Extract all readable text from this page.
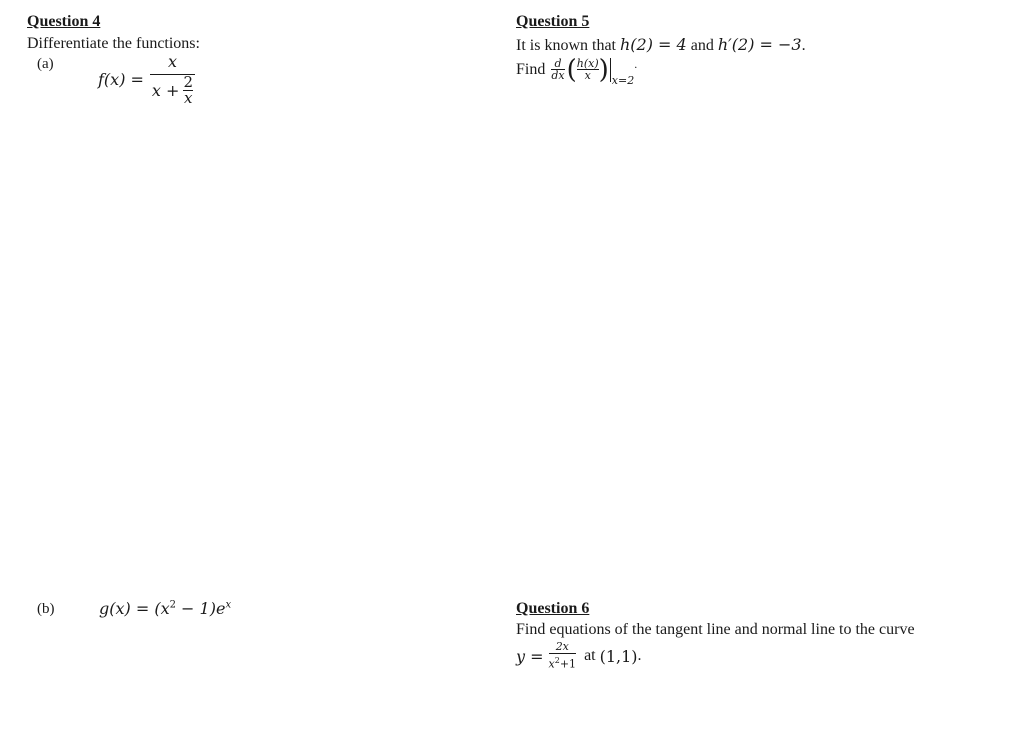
Question 4
Differentiate the functions:
(a)
$f(x) = \frac{x}{x + \frac{2}{x}}$
(b)	$g(x) = (x^2 - 1)e^x$
Question 5
It is known that h(2) = 4 and h′(2) = −3.
Find $\frac{d}{dx}$ ( $\frac{h(x)}{x}$ ) x=2
.
Question 6
Find equations of the tangent line and normal line to the curve
$y = \frac{2x}{x^2+1}$ at (1,1) .
